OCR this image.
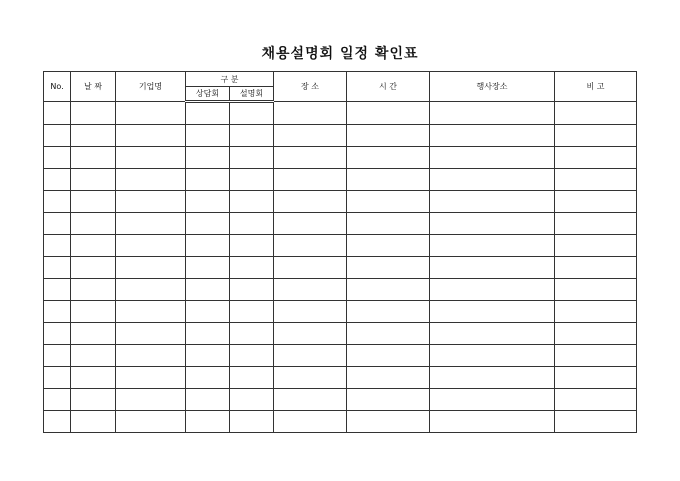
채용설명회 일정 확인표
No.	날 짜	기업명	구 분		장 소	시 간	행사장소	비 고
			상담회	설명회				
